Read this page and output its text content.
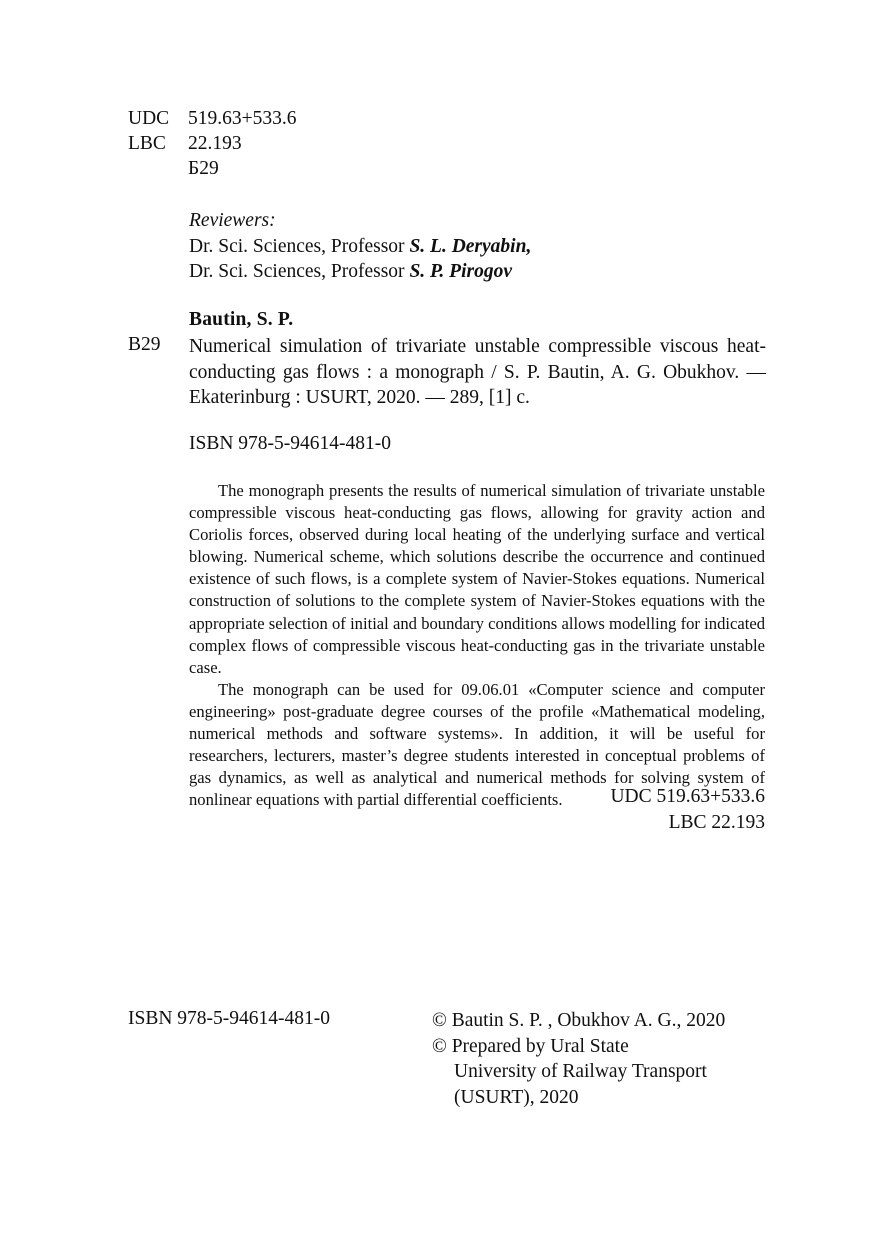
UDC 519.63+533.6
LBC	22.193
Б29
Reviewers:
Dr. Sci. Sciences, Professor S. L. Deryabin,
Dr. Sci. Sciences, Professor S. P. Pirogov
Bautin, S. P.
B29 Numerical simulation of trivariate unstable compressible viscous heat-conducting gas flows : a monograph / S. P. Bautin, A. G. Obukhov. — Ekaterinburg : USURT, 2020. — 289, [1] c.
ISBN 978-5-94614-481-0

The monograph presents the results of numerical simulation of trivariate unstable compressible viscous heat-conducting gas flows, allowing for gravity action and Coriolis forces, observed during local heating of the underlying surface and vertical blowing. Numerical scheme, which solutions describe the occurrence and continued existence of such flows, is a complete system of Navier-Stokes equations. Numerical construction of solutions to the complete system of Navier-Stokes equations with the appropriate selection of initial and boundary conditions allows modelling for indicated complex flows of compressible viscous heat-conducting gas in the trivariate unstable case.

The monograph can be used for 09.06.01 «Computer science and computer engineering» post-graduate degree courses of the profile «Mathematical modeling, numerical methods and software systems». In addition, it will be useful for researchers, lecturers, master’s degree students interested in conceptual problems of gas dynamics, as well as analytical and numerical methods for solving system of nonlinear equations with partial differential coefficients.	UDC 519.63+533.6
LBC 22.193
ISBN 978-5-94614-481-0	© Bautin S. P. , Obukhov A. G., 2020
© Prepared by Ural State
University of Railway Transport
(USURT), 2020
